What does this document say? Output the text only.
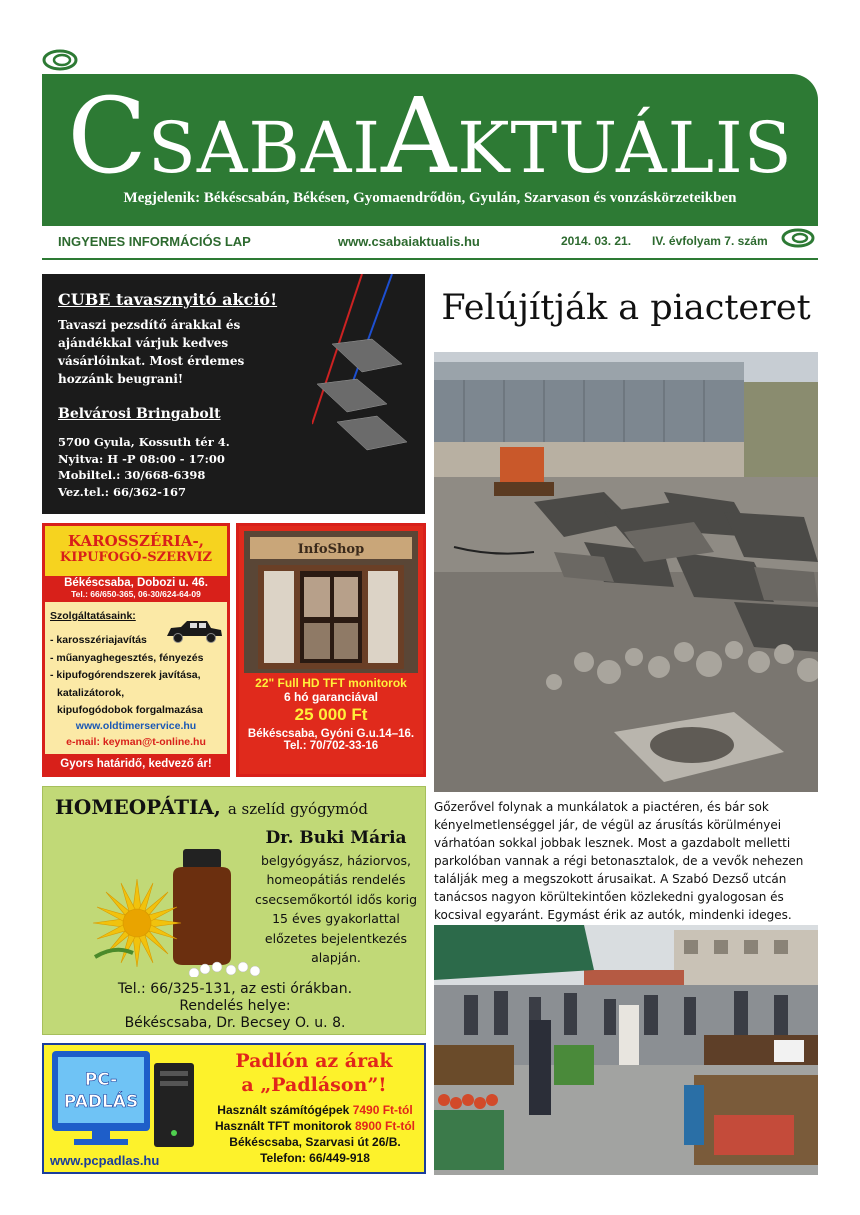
CSABAIAKTUÁLIS
Megjelenik: Békéscsabán, Békésen, Gyomaendrődön, Gyulán, Szarvason és vonzáskörzeteikben
INGYENES INFORMÁCIÓS LAP	www.csabaiaktualis.hu	2014. 03. 21. IV. évfolyam 7. szám
CUBE tavasznyitó akció!
Tavaszi pezsdítő árakkal és ajándékkal várjuk kedves vásárlóinkat. Most érdemes hozzánk beugrani!
Belvárosi Bringabolt
5700 Gyula, Kossuth tér 4.
Nyitva: H -P 08:00 - 17:00
Mobiltel.: 30/668-6398
Vez.tel.: 66/362-167
KAROSSZÉRIA-,
KIPUFOGÓ-SZERVIZ
Békéscsaba, Dobozi u. 46.
Tel.: 66/650-365, 06-30/624-64-09
Szolgáltatásaink:
- karosszériajavítás
- műanyaghegesztés, fényezés
- kipufogórendszerek javítása,
katalizátorok,
kipufogódobok forgalmazása
www.oldtimerservice.hu
e-mail: keyman@t-online.hu
Gyors határidő, kedvező ár!
InfoShop
22" Full HD TFT monitorok
6 hó garanciával
25 000 Ft
Békéscsaba, Gyóni G.u.14–16.
Tel.: 70/702-33-16
HOMEOPÁTIA, a szelíd gyógymód
Dr. Buki Mária
belgyógyász, háziorvos, homeopátiás rendelés csecsemőkortól idős korig 15 éves gyakorlattal előzetes bejelentkezés alapján.
Tel.: 66/325-131, az esti órákban.
Rendelés helye:
Békéscsaba, Dr. Becsey O. u. 8.
PC-
PADLÁS
Padlón az árak
a „Padláson”!
Használt számítógépek 7490 Ft-tól
Használt TFT monitorok 8900 Ft-tól
Békéscsaba, Szarvasi út 26/B.
Telefon: 66/449-918
www.pcpadlas.hu
Felújítják a piacteret
Gőzerővel folynak a munkálatok a piactéren, és bár sok kényelmetlenséggel jár, de végül az árusítás körülményei várhatóan sokkal jobbak lesznek. Most a gazdabolt melletti parkolóban vannak a régi betonasztalok, de a vevők nehezen találják meg a megszokott árusaikat. A Szabó Dezső utcán tanácsos nagyon körültekintően közlekedni gyalogosan és kocsival egyaránt. Egymást érik az autók, mindenki ideges.
